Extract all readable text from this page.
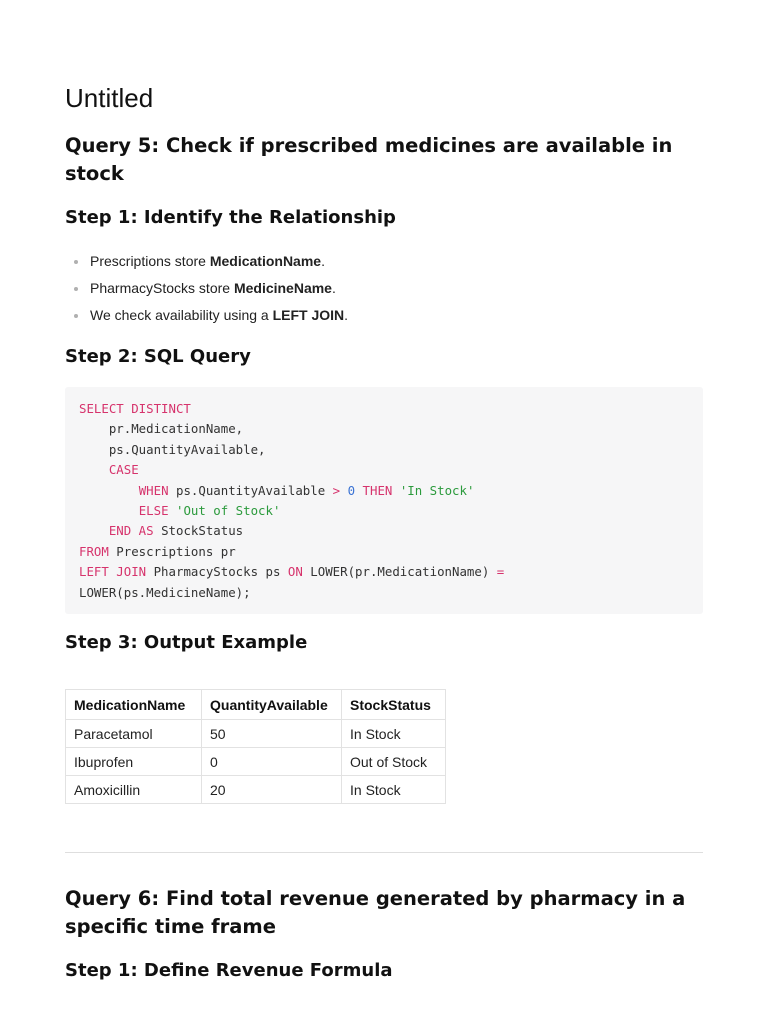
Untitled
Query 5: Check if prescribed medicines are available in stock
Step 1: Identify the Relationship
Prescriptions store MedicationName.
PharmacyStocks store MedicineName.
We check availability using a LEFT JOIN.
Step 2: SQL Query
SELECT DISTINCT
pr.MedicationName,
ps.QuantityAvailable,
CASE
WHEN ps.QuantityAvailable > 0 THEN 'In Stock'
ELSE 'Out of Stock'
END AS StockStatus
FROM Prescriptions pr
LEFT JOIN PharmacyStocks ps ON LOWER(pr.MedicationName) =
LOWER(ps.MedicineName);
Step 3: Output Example
MedicationName	QuantityAvailable	StockStatus
Paracetamol	50	In Stock
Ibuprofen	0	Out of Stock
Amoxicillin	20	In Stock
Query 6: Find total revenue generated by pharmacy in a specific time frame
Step 1: Define Revenue Formula
